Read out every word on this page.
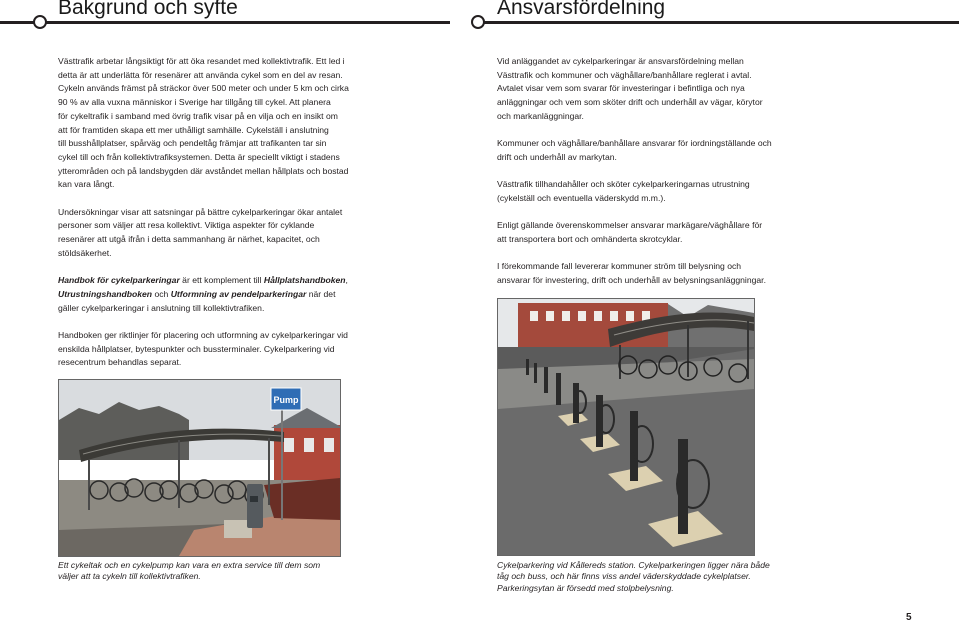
Bakgrund och syfte	Ansvarsfördelning

Västtrafik arbetar långsiktigt för att öka resandet med kollektivtrafik. Ett led i

detta är att underlätta för resenärer att använda cykel som en del av resan.

Cykeln används främst på sträckor över 500 meter och under 5 km och cirka

90 % av alla vuxna människor i Sverige har tillgång till cykel. Att planera

för cykeltrafik i samband med övrig trafik visar på en vilja och en insikt om

att för framtiden skapa ett mer uthålligt samhälle. Cykelställ i anslutning

till busshållplatser, spårväg och pendeltåg främjar att trafikanten tar sin

cykel till och från kollektivtrafiksystemen. Detta är speciellt viktigt i stadens

ytterområden och på landsbygden där avståndet mellan hållplats och bostad

kan vara långt.

Undersökningar visar att satsningar på bättre cykelparkeringar ökar antalet

personer som väljer att resa kollektivt. Viktiga aspekter för cyklande

resenärer att utgå ifrån i detta sammanhang är närhet, kapacitet, och

stöldsäkerhet.

Handbok för cykelparkeringar är ett komplement till Hållplatshandboken,

Utrustningshandboken och Utformning av pendelparkeringar när det

gäller cykelparkeringar i anslutning till kollektivtrafiken.

Handboken ger riktlinjer för placering och utformning av cykelparkeringar vid

enskilda hållplatser, bytespunkter och bussterminaler. Cykelparkering vid

resecentrum behandlas separat.

Pump

Ett cykeltak och en cykelpump kan vara en extra service till dem som

väljer att ta cykeln till kollektivtrafiken.

Vid anläggandet av cykelparkeringar är ansvarsfördelning mellan

Västtrafik och kommuner och väghållare/banhållare reglerat i avtal.

Avtalet visar vem som svarar för investeringar i befintliga och nya

anläggningar och vem som sköter drift och underhåll av vägar, körytor

och markanläggningar.

Kommuner och väghållare/banhållare ansvarar för iordningställande och

drift och underhåll av markytan.

Västtrafik tillhandahåller och sköter cykelparkeringarnas utrustning

(cykelställ och eventuella väderskydd m.m.).

Enligt gällande överenskommelser ansvarar markägare/väghållare för

att transportera bort och omhänderta skrotcyklar.

I förekommande fall levererar kommuner ström till belysning och

ansvarar för investering, drift och underhåll av belysningsanläggningar.

Cykelparkering vid Kållereds station. Cykelparkeringen ligger nära både

tåg och buss, och här finns viss andel väderskyddade cykelplatser.

Parkeringsytan är försedd med stolpbelysning.

5
